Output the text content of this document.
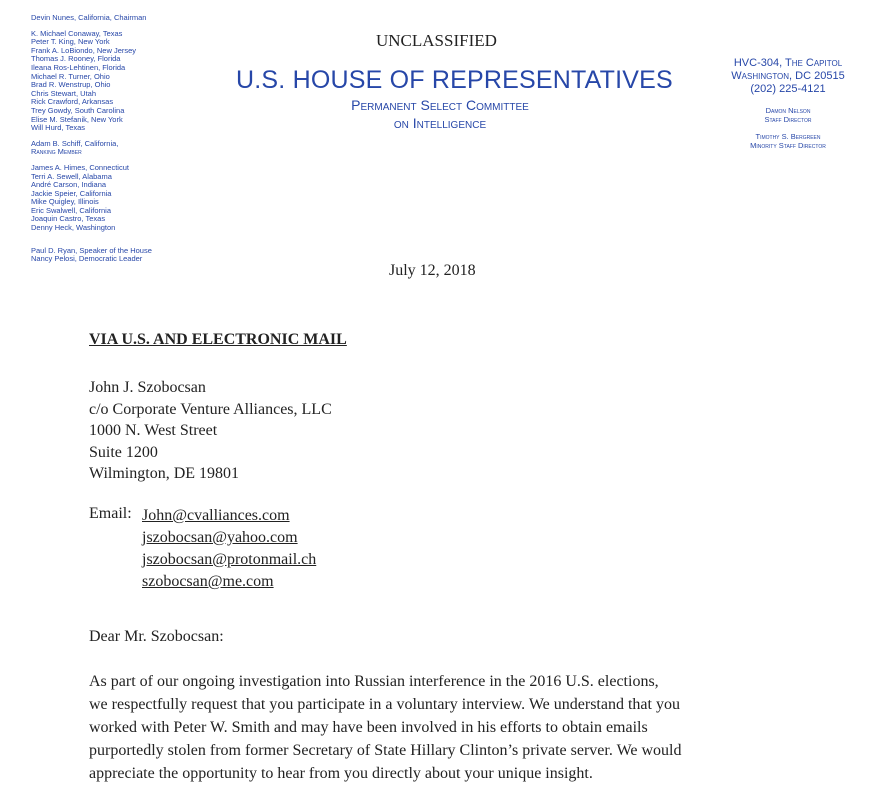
Devin Nunes, California, Chairman
K. Michael Conaway, Texas
Peter T. King, New York
Frank A. LoBiondo, New Jersey
Thomas J. Rooney, Florida
Ileana Ros-Lehtinen, Florida
Michael R. Turner, Ohio
Brad R. Wenstrup, Ohio
Chris Stewart, Utah
Rick Crawford, Arkansas
Trey Gowdy, South Carolina
Elise M. Stefanik, New York
Will Hurd, Texas
Adam B. Schiff, California,
Ranking Member
James A. Himes, Connecticut
Terri A. Sewell, Alabama
André Carson, Indiana
Jackie Speier, California
Mike Quigley, Illinois
Eric Swalwell, California
Joaquin Castro, Texas
Denny Heck, Washington
Paul D. Ryan, Speaker of the House
Nancy Pelosi, Democratic Leader
UNCLASSIFIED
U.S. HOUSE OF REPRESENTATIVES
Permanent Select Committee
on Intelligence
HVC-304, The Capitol
Washington, DC 20515
(202) 225-4121
Damon Nelson
Staff Director
Timothy S. Bergreen
Minority Staff Director
July 12, 2018
VIA U.S. AND ELECTRONIC MAIL
John J. Szobocsan
c/o Corporate Venture Alliances, LLC
1000 N. West Street
Suite 1200
Wilmington, DE 19801
Email: John@cvalliances.com
jszobocsan@yahoo.com
jszobocsan@protonmail.ch
szobocsan@me.com
Dear Mr. Szobocsan:
As part of our ongoing investigation into Russian interference in the 2016 U.S. elections,
we respectfully request that you participate in a voluntary interview. We understand that you
worked with Peter W. Smith and may have been involved in his efforts to obtain emails
purportedly stolen from former Secretary of State Hillary Clinton’s private server. We would
appreciate the opportunity to hear from you directly about your unique insight.
